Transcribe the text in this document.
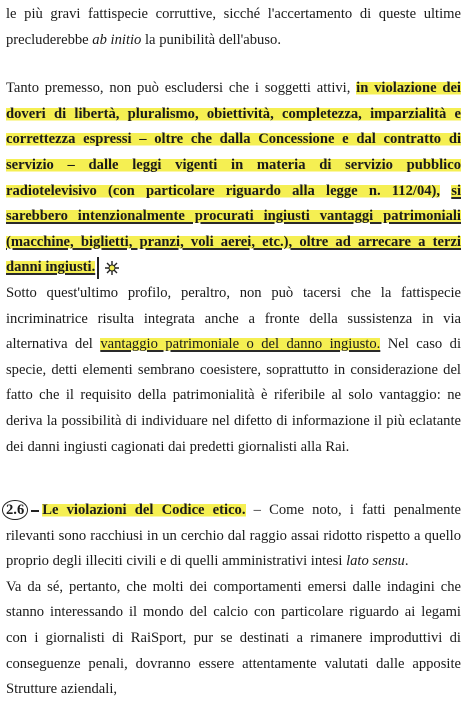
le più gravi fattispecie corruttive, sicché l'accertamento di queste ultime precluderebbe ab initio la punibilità dell'abuso.

Tanto premesso, non può escludersi che i soggetti attivi, in violazione dei doveri di libertà, pluralismo, obiettività, completezza, imparzialità e correttezza espressi – oltre che dalla Concessione e dal contratto di servizio – dalle leggi vigenti in materia di servizio pubblico radiotelevisivo (con particolare riguardo alla legge n. 112/04), si sarebbero intenzionalmente procurati ingiusti vantaggi patrimoniali (macchine, biglietti, pranzi, voli aerei, etc.), oltre ad arrecare a terzi danni ingiusti.

Sotto quest'ultimo profilo, peraltro, non può tacersi che la fattispecie incriminatrice risulta integrata anche a fronte della sussistenza in via alternativa del vantaggio patrimoniale o del danno ingiusto. Nel caso di specie, detti elementi sembrano coesistere, soprattutto in considerazione del fatto che il requisito della patrimonialità è riferibile al solo vantaggio: ne deriva la possibilità di individuare nel difetto di informazione il più eclatante dei danni ingiusti cagionati dai predetti giornalisti alla Rai.

2.6 Le violazioni del Codice etico. – Come noto, i fatti penalmente rilevanti sono racchiusi in un cerchio dal raggio assai ridotto rispetto a quello proprio degli illeciti civili e di quelli amministrativi intesi lato sensu.

Va da sé, pertanto, che molti dei comportamenti emersi dalle indagini che stanno interessando il mondo del calcio con particolare riguardo ai legami con i giornalisti di RaiSport, pur se destinati a rimanere improduttivi di conseguenze penali, dovranno essere attentamente valutati dalle apposite Strutture aziendali,
